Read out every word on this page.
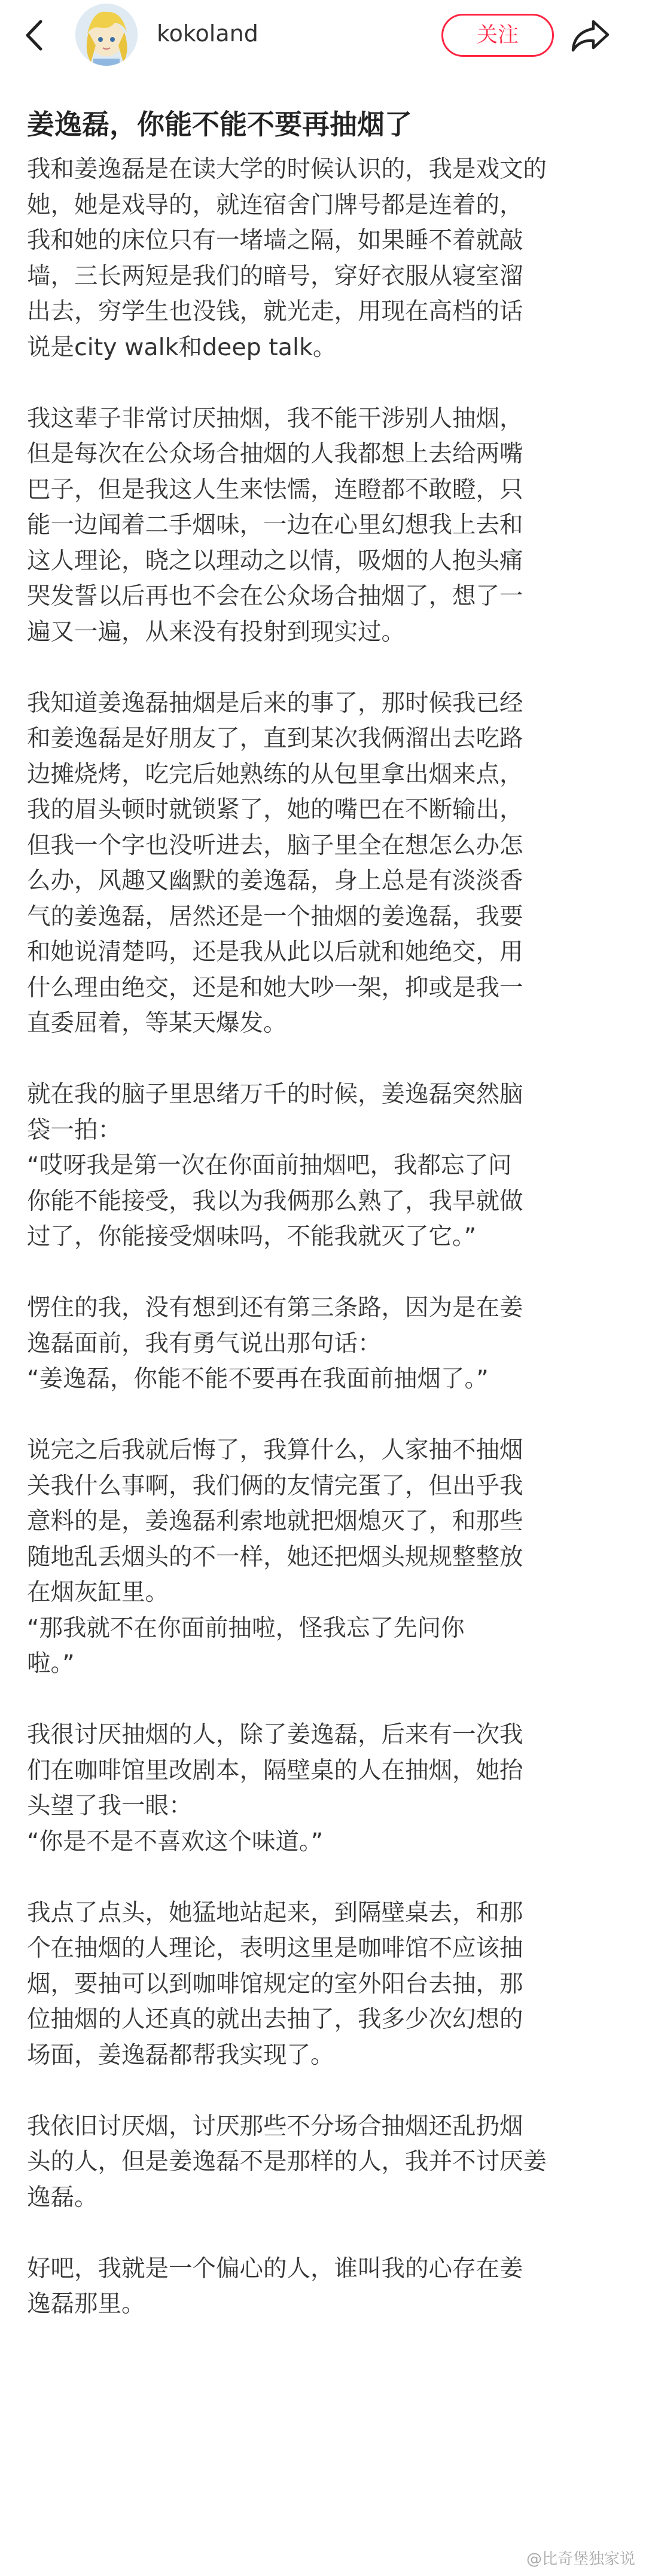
kokoland	关注
姜逸磊，你能不能不要再抽烟了

我和姜逸磊是在读大学的时候认识的，我是戏文的
她，她是戏导的，就连宿舍门牌号都是连着的，
我和她的床位只有一堵墙之隔，如果睡不着就敲
墙，三长两短是我们的暗号，穿好衣服从寝室溜
出去，穷学生也没钱，就光走，用现在高档的话
说是city walk和deep talk。

我这辈子非常讨厌抽烟，我不能干涉别人抽烟，
但是每次在公众场合抽烟的人我都想上去给两嘴
巴子，但是我这人生来怯懦，连瞪都不敢瞪，只
能一边闻着二手烟味，一边在心里幻想我上去和
这人理论，晓之以理动之以情，吸烟的人抱头痛
哭发誓以后再也不会在公众场合抽烟了，想了一
遍又一遍，从来没有投射到现实过。

我知道姜逸磊抽烟是后来的事了，那时候我已经
和姜逸磊是好朋友了，直到某次我俩溜出去吃路
边摊烧烤，吃完后她熟练的从包里拿出烟来点，
我的眉头顿时就锁紧了，她的嘴巴在不断输出，
但我一个字也没听进去，脑子里全在想怎么办怎
么办，风趣又幽默的姜逸磊，身上总是有淡淡香
气的姜逸磊，居然还是一个抽烟的姜逸磊，我要
和她说清楚吗，还是我从此以后就和她绝交，用
什么理由绝交，还是和她大吵一架，抑或是我一
直委屈着，等某天爆发。

就在我的脑子里思绪万千的时候，姜逸磊突然脑
袋一拍：
“哎呀我是第一次在你面前抽烟吧，我都忘了问
你能不能接受，我以为我俩那么熟了，我早就做
过了，你能接受烟味吗，不能我就灭了它。”

愣住的我，没有想到还有第三条路，因为是在姜
逸磊面前，我有勇气说出那句话：
“姜逸磊，你能不能不要再在我面前抽烟了。”

说完之后我就后悔了，我算什么，人家抽不抽烟
关我什么事啊，我们俩的友情完蛋了，但出乎我
意料的是，姜逸磊利索地就把烟熄灭了，和那些
随地乱丢烟头的不一样，她还把烟头规规整整放
在烟灰缸里。
“那我就不在你面前抽啦，怪我忘了先问你
啦。”

我很讨厌抽烟的人，除了姜逸磊，后来有一次我
们在咖啡馆里改剧本，隔壁桌的人在抽烟，她抬
头望了我一眼：
“你是不是不喜欢这个味道。”

我点了点头，她猛地站起来，到隔壁桌去，和那
个在抽烟的人理论，表明这里是咖啡馆不应该抽
烟，要抽可以到咖啡馆规定的室外阳台去抽，那
位抽烟的人还真的就出去抽了，我多少次幻想的
场面，姜逸磊都帮我实现了。

我依旧讨厌烟，讨厌那些不分场合抽烟还乱扔烟
头的人，但是姜逸磊不是那样的人，我并不讨厌姜
逸磊。

好吧，我就是一个偏心的人，谁叫我的心存在姜
逸磊那里。

@比奇堡独家说
